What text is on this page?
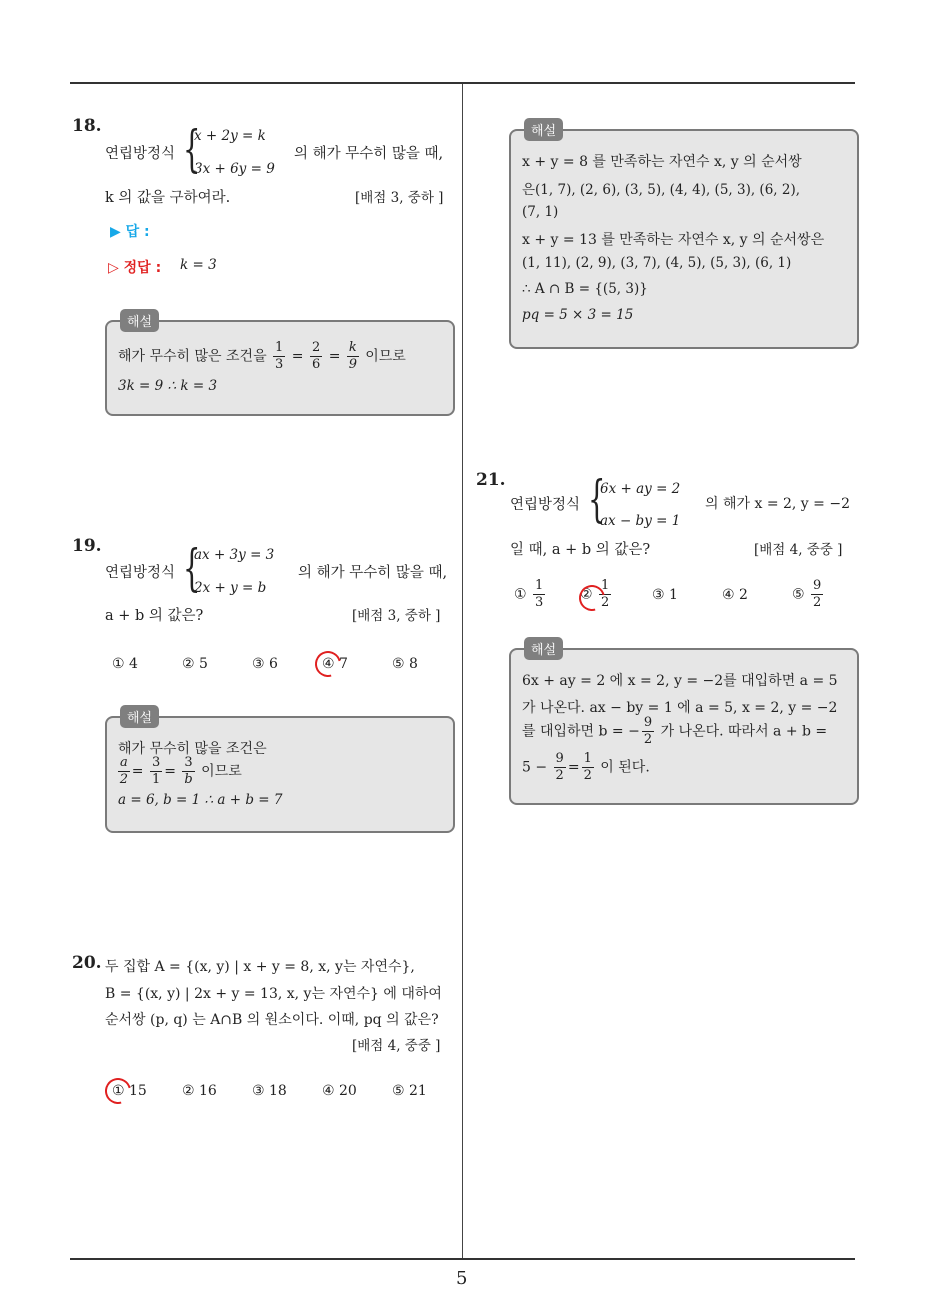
5
18.
연립방정식 {
x + 2y = k
3x + 6y = 9
의 해가 무수히 많을 때,
k 의 값을 구하여라.	[배점 3, 중하 ]
▶ 답 :
▷ 정답 : k = 3
해설
해가 무수히 많은 조건을 $\frac{1}{3} = \frac{2}{6} = \frac{k}{9}$ 이므로
3k = 9 ∴ k = 3
19.
연립방정식 {
ax + 3y = 3
2x + y = b
의 해가 무수히 많을 때,
a + b 의 값은?	[배점 3, 중하 ]
① 4	② 5	③ 6	④ 7	⑤ 8
해설
해가 무수히 많을 조건은
$\frac{a}{2} = \frac{3}{1} = \frac{3}{b}$ 이므로
a = 6, b = 1 ∴ a + b = 7
20. 두 집합 A = {(x, y) | x + y = 8, x, y는 자연수},
B = {(x, y) | 2x + y = 13, x, y는 자연수} 에 대하여
순서쌍 (p, q) 는 A∩B 의 원소이다. 이때, pq 의 값은?
[배점 4, 중중 ]
① 15	② 16	③ 18	④ 20	⑤ 21
해설
x + y = 8 를 만족하는 자연수 x, y 의 순서쌍
은(1, 7), (2, 6), (3, 5), (4, 4), (5, 3), (6, 2),
(7, 1)
x + y = 13 를 만족하는 자연수 x, y 의 순서쌍은
(1, 11), (2, 9), (3, 7), (4, 5), (5, 3), (6, 1)
∴ A ∩ B = {(5, 3)}
pq = 5 × 3 = 15
21.
연립방정식 {
6x + ay = 2
ax − by = 1
의 해가 x = 2, y = −2
일 때, a + b 의 값은?	[배점 4, 중중 ]
① $\frac{1}{3}$ ② $\frac{1}{2}$	③ 1	④ 2	⑤ $\frac{9}{2}$
해설
6x + ay = 2 에 x = 2, y = −2를 대입하면 a = 5
가 나온다. ax − by = 1 에 a = 5, x = 2, y = −2
를 대입하면 b = − $\frac{9}{2}$ 가 나온다. 따라서 a + b =
$5 - \frac{9}{2} = \frac{1}{2}$ 이 된다.
